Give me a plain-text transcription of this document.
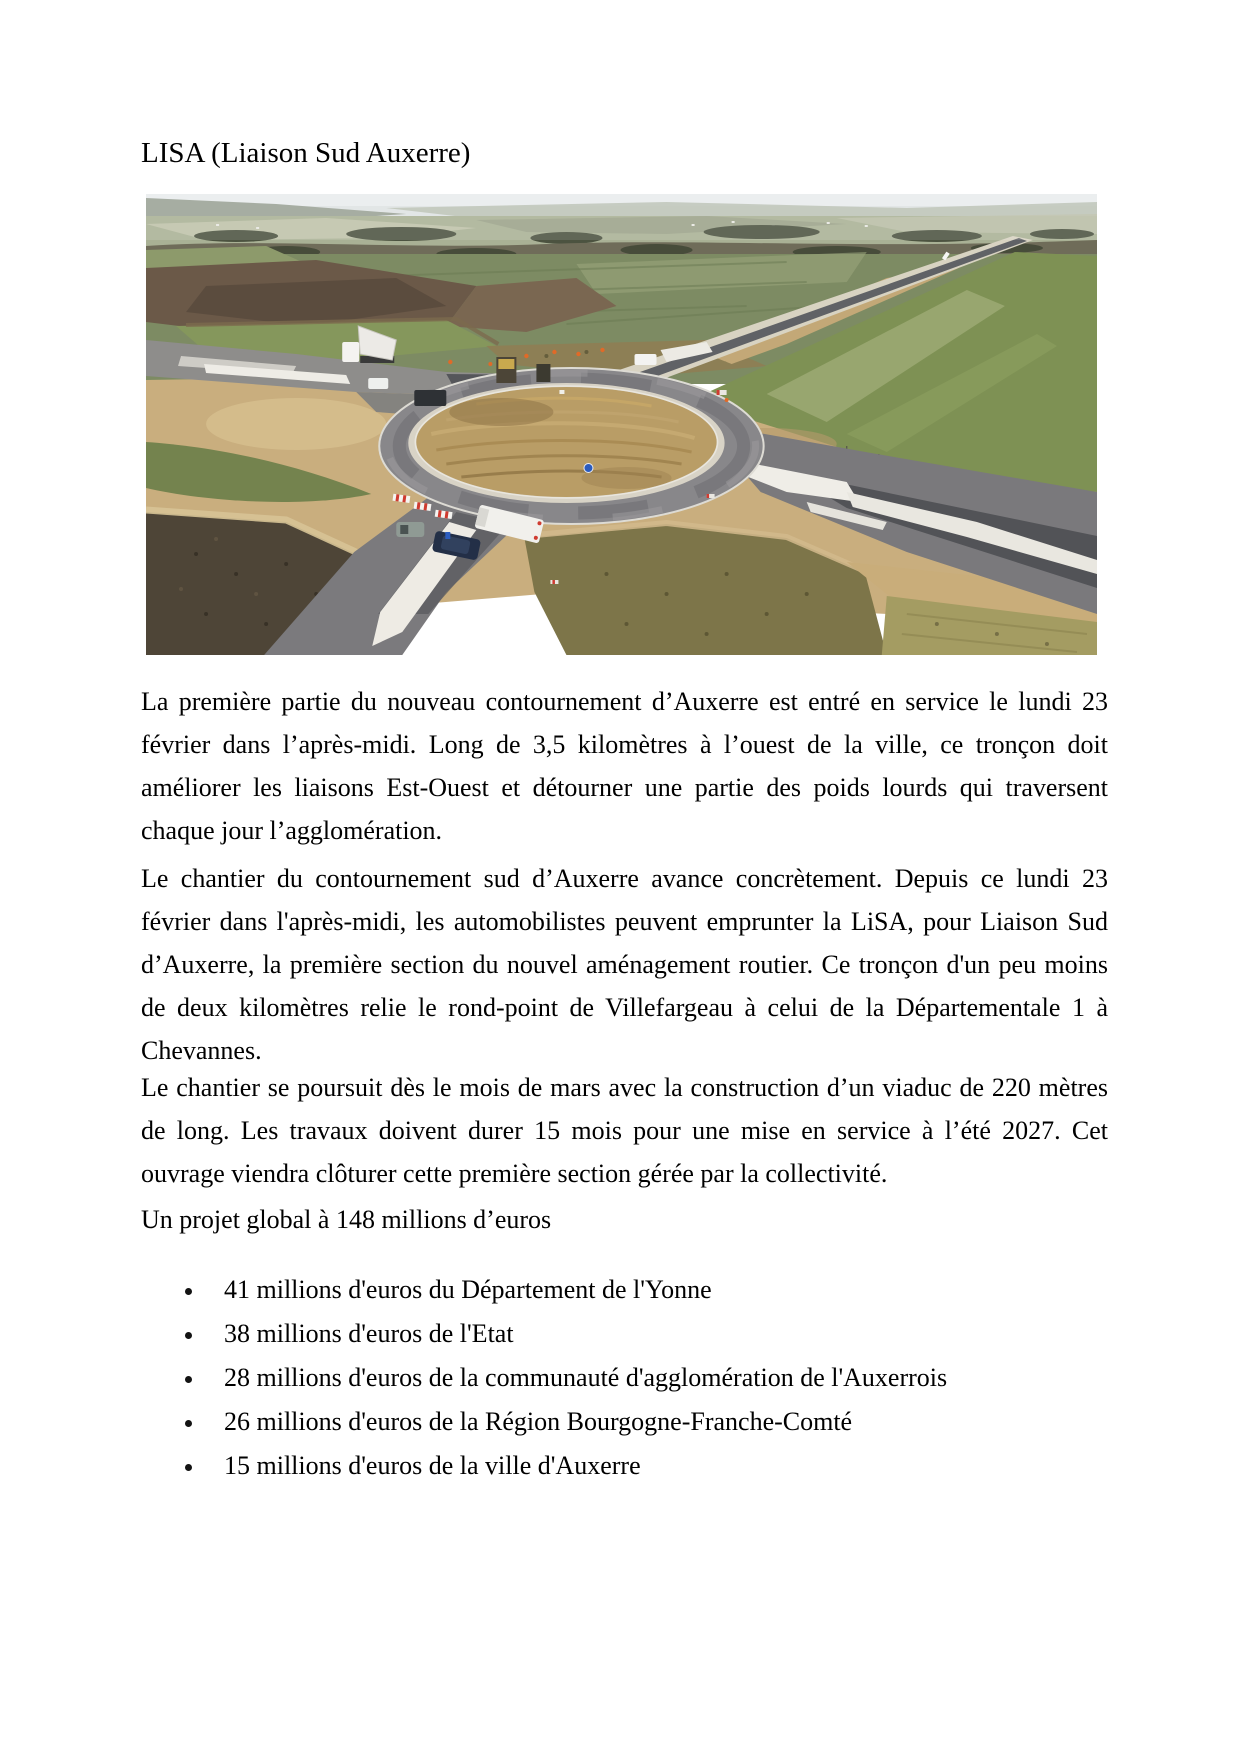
LISA (Liaison Sud Auxerre)

La première partie du nouveau contournement d’Auxerre est entré en service le lundi 23 février dans l’après-midi. Long de 3,5 kilomètres à l’ouest de la ville, ce tronçon doit améliorer les liaisons Est-Ouest et détourner une partie des poids lourds qui traversent chaque jour l’agglomération.

Le chantier du contournement sud d’Auxerre avance concrètement. Depuis ce lundi 23 février dans l'après-midi, les automobilistes peuvent emprunter la LiSA, pour Liaison Sud d’Auxerre, la première section du nouvel aménagement routier. Ce tronçon d'un peu moins de deux kilomètres relie le rond-point de Villefargeau à celui de la Départementale 1 à Chevannes.

Le chantier se poursuit dès le mois de mars avec la construction d’un viaduc de 220 mètres de long. Les travaux doivent durer 15 mois pour une mise en service à l’été 2027. Cet ouvrage viendra clôturer cette première section gérée par la collectivité.

Un projet global à 148 millions d’euros

41 millions d'euros du Département de l'Yonne
38 millions d'euros de l'Etat
28 millions d'euros de la communauté d'agglomération de l'Auxerrois
26 millions d'euros de la Région Bourgogne-Franche-Comté
15 millions d'euros de la ville d'Auxerre
